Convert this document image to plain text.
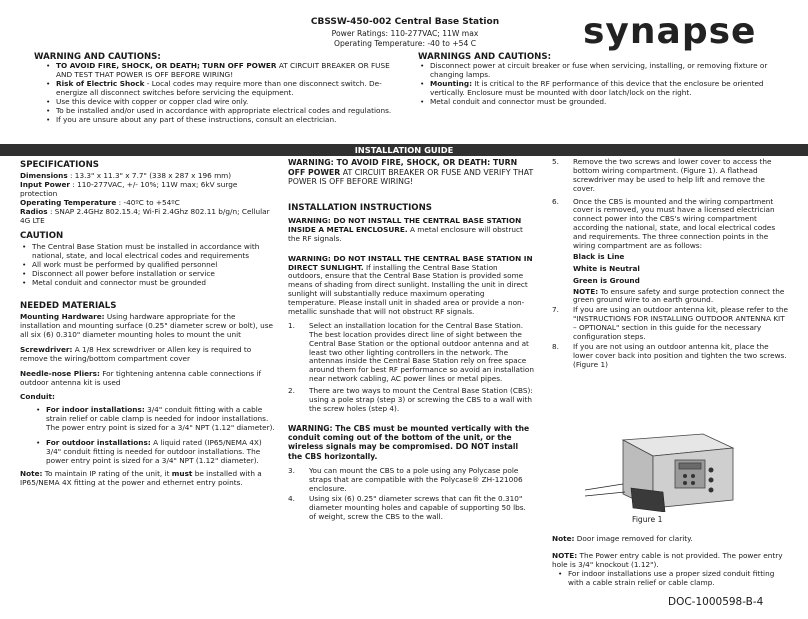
CBSSW-450-002 Central Base Station
Power Ratings: 110-277VAC; 11W max
Operating Temperature: -40 to +54 C	synapse
WARNING AND CAUTIONS:
• TO AVOID FIRE, SHOCK, OR DEATH; TURN OFF POWER AT CIRCUIT BREAKER OR FUSE AND TEST THAT POWER IS OFF BEFORE WIRING!
• Risk of Electric Shock - Local codes may require more than one disconnect switch. De-energize all disconnect switches before servicing the equipment.
• Use this device with copper or copper clad wire only.
• To be installed and/or used in accordance with appropriate electrical codes and regulations.
• If you are unsure about any part of these instructions, consult an electrician.
WARNINGS AND CAUTIONS:
• Disconnect power at circuit breaker or fuse when servicing, installing, or removing fixture or changing lamps.
• Mounting: It is critical to the RF performance of this device that the enclosure be oriented vertically. Enclosure must be mounted with door latch/lock on the right.
• Metal conduit and connector must be grounded.
INSTALLATION GUIDE
SPECIFICATIONS

Dimensions : 13.3" x 11.3" x 7.7" (338 x 287 x 196 mm)

Input Power : 110-277VAC, +/- 10%; 11W max; 6kV surge protection

Operating Temperature : -40ºC to +54ºC

Radios : SNAP 2.4GHz 802.15.4; Wi-Fi 2.4Ghz 802.11 b/g/n; Cellular 4G LTE

CAUTION
• The Central Base Station must be installed in accordance with national, state, and local electrical codes and requirements
• All work must be performed by qualified personnel
• Disconnect all power before installation or service
• Metal conduit and connector must be grounded
NEEDED MATERIALS

Mounting Hardware: Using hardware appropriate for the installation and mounting surface (0.25" diameter screw or bolt), use all six (6) 0.310" diameter mounting holes to mount the unit

Screwdriver: A 1/8 Hex screwdriver or Allen key is required to remove the wiring/bottom compartment cover

Needle-nose Pliers: For tightening antenna cable connections if outdoor antenna kit is used

Conduit:

• For indoor installations: 3/4" conduit fitting with a cable strain relief or cable clamp is needed for indoor installations. The power entry point is sized for a 3/4" NPT (1.12" diameter).
• For outdoor installations: A liquid rated (IP65/NEMA 4X) 3/4" conduit fitting is needed for outdoor installations. The power entry point is sized for a 3/4" NPT (1.12" diameter).

Note: To maintain IP rating of the unit, it must be installed with a IP65/NEMA 4X fitting at the power and ethernet entry points.

WARNING: TO AVOID FIRE, SHOCK, OR DEATH: TURN OFF POWER AT CIRCUIT BREAKER OR FUSE AND VERIFY THAT POWER IS OFF BEFORE WIRING!

INSTALLATION INSTRUCTIONS

WARNING: DO NOT INSTALL THE CENTRAL BASE STATION INSIDE A METAL ENCLOSURE. A metal enclosure will obstruct the RF signals.

WARNING: DO NOT INSTALL THE CENTRAL BASE STATION IN DIRECT SUNLIGHT. If installing the Central Base Station outdoors, ensure that the Central Base Station is provided some means of shading from direct sunlight. Installing the unit in direct sunlight will substantially reduce maximum operating temperature. Please install unit in shaded area or provide a non-metallic sunshade that will not obstruct RF signals.

1. Select an installation location for the Central Base Station. The best location provides direct line of sight between the Central Base Station or the optional outdoor antenna and at least two other lighting controllers in the network. The antennas inside the Central Base Station rely on free space around them for best RF performance so avoid an installation near network cabling, AC power lines or metal pipes.
2. There are two ways to mount the Central Base Station (CBS): using a pole strap (step 3) or screwing the CBS to a wall with the screw holes (step 4).

WARNING: The CBS must be mounted vertically with the conduit coming out of the bottom of the unit, or the wireless signals may be compromised. DO NOT install the CBS horizontally.

3. You can mount the CBS to a pole using any Polycase pole straps that are compatible with the Polycase® ZH-121006 enclosure.
4. Using six (6) 0.25" diameter screws that can fit the 0.310" diameter mounting holes and capable of supporting 50 lbs. of weight, screw the CBS to the wall.
5. Remove the two screws and lower cover to access the bottom wiring compartment. (Figure 1). A flathead screwdriver may be used to help lift and remove the cover.
6. Once the CBS is mounted and the wiring compartment cover is removed, you must have a licensed electrician connect power into the CBS's wiring compartment according the national, state, and local electrical codes and requirements. The three connection points in the wiring compartment are as follows:

Black is Line

White is Neutral

Green is Ground

NOTE: To ensure safety and surge protection connect the green ground wire to an earth ground.

7. If you are using an outdoor antenna kit, please refer to the "INSTRUCTIONS FOR INSTALLING OUTDOOR ANTENNA KIT – OPTIONAL" section in this guide for the necessary configuration steps.
8. If you are not using an outdoor antenna kit, place the lower cover back into position and tighten the two screws. (Figure 1)
Figure 1

Note: Door image removed for clarity.

NOTE: The Power entry cable is not provided. The power entry hole is 3/4" knockout (1.12").

• For indoor installations use a proper sized conduit fitting with a cable strain relief or cable clamp.
DOC-1000598-B-4
